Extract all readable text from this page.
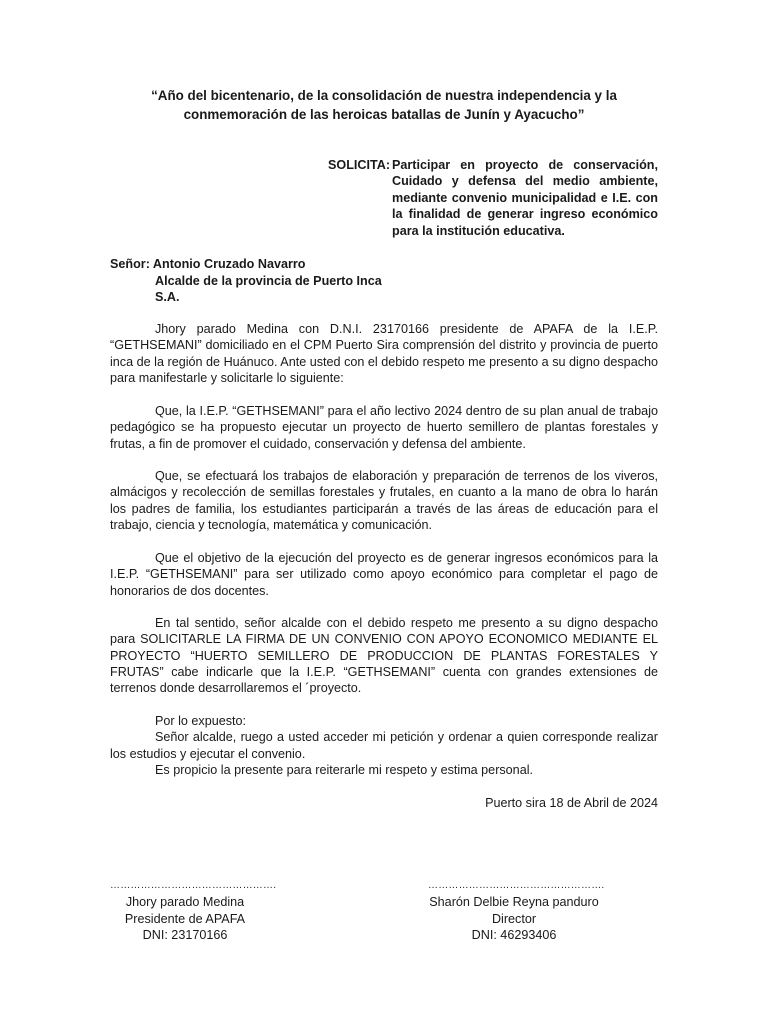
“Año del bicentenario, de la consolidación de nuestra independencia y la conmemoración de las heroicas batallas de Junín y Ayacucho”
SOLICITA: Participar en proyecto de conservación, Cuidado y defensa del medio ambiente, mediante convenio municipalidad e I.E. con la finalidad de generar ingreso económico para la institución educativa.
Señor: Antonio Cruzado Navarro
Alcalde de la provincia de Puerto Inca
S.A.
Jhory parado Medina con D.N.I. 23170166 presidente de APAFA de la I.E.P. “GETHSEMANI” domiciliado en el CPM Puerto Sira comprensión del distrito y provincia de puerto inca de la región de Huánuco. Ante usted con el debido respeto me presento a su digno despacho para manifestarle y solicitarle lo siguiente:
Que, la I.E.P. “GETHSEMANI” para el año lectivo 2024 dentro de su plan anual de trabajo pedagógico se ha propuesto ejecutar un proyecto de huerto semillero de plantas forestales y frutas, a fin de promover el cuidado, conservación y defensa del ambiente.
Que, se efectuará los trabajos de elaboración y preparación de terrenos de los viveros, almácigos y recolección de semillas forestales y frutales, en cuanto a la mano de obra lo harán los padres de familia, los estudiantes participarán a través de las áreas de educación para el trabajo, ciencia y tecnología, matemática y comunicación.
Que el objetivo de la ejecución del proyecto es de generar ingresos económicos para la I.E.P. “GETHSEMANI” para ser utilizado como apoyo económico para completar el pago de honorarios de dos docentes.
En tal sentido, señor alcalde con el debido respeto me presento a su digno despacho para SOLICITARLE LA FIRMA DE UN CONVENIO CON APOYO ECONOMICO MEDIANTE EL PROYECTO “HUERTO SEMILLERO DE PRODUCCION DE PLANTAS FORESTALES Y FRUTAS” cabe indicarle que la I.E.P. “GETHSEMANI” cuenta con grandes extensiones de terrenos donde desarrollaremos el ´proyecto.
Por lo expuesto:
Señor alcalde, ruego a usted acceder mi petición y ordenar a quien corresponde realizar los estudios y ejecutar el convenio.
Es propicio la presente para reiterarle mi respeto y estima personal.
Puerto sira 18 de Abril de 2024
………………………………………….
Jhory parado Medina
Presidente de APAFA
DNI: 23170166
…………………………………………….
Sharón Delbie Reyna panduro
Director
DNI: 46293406
